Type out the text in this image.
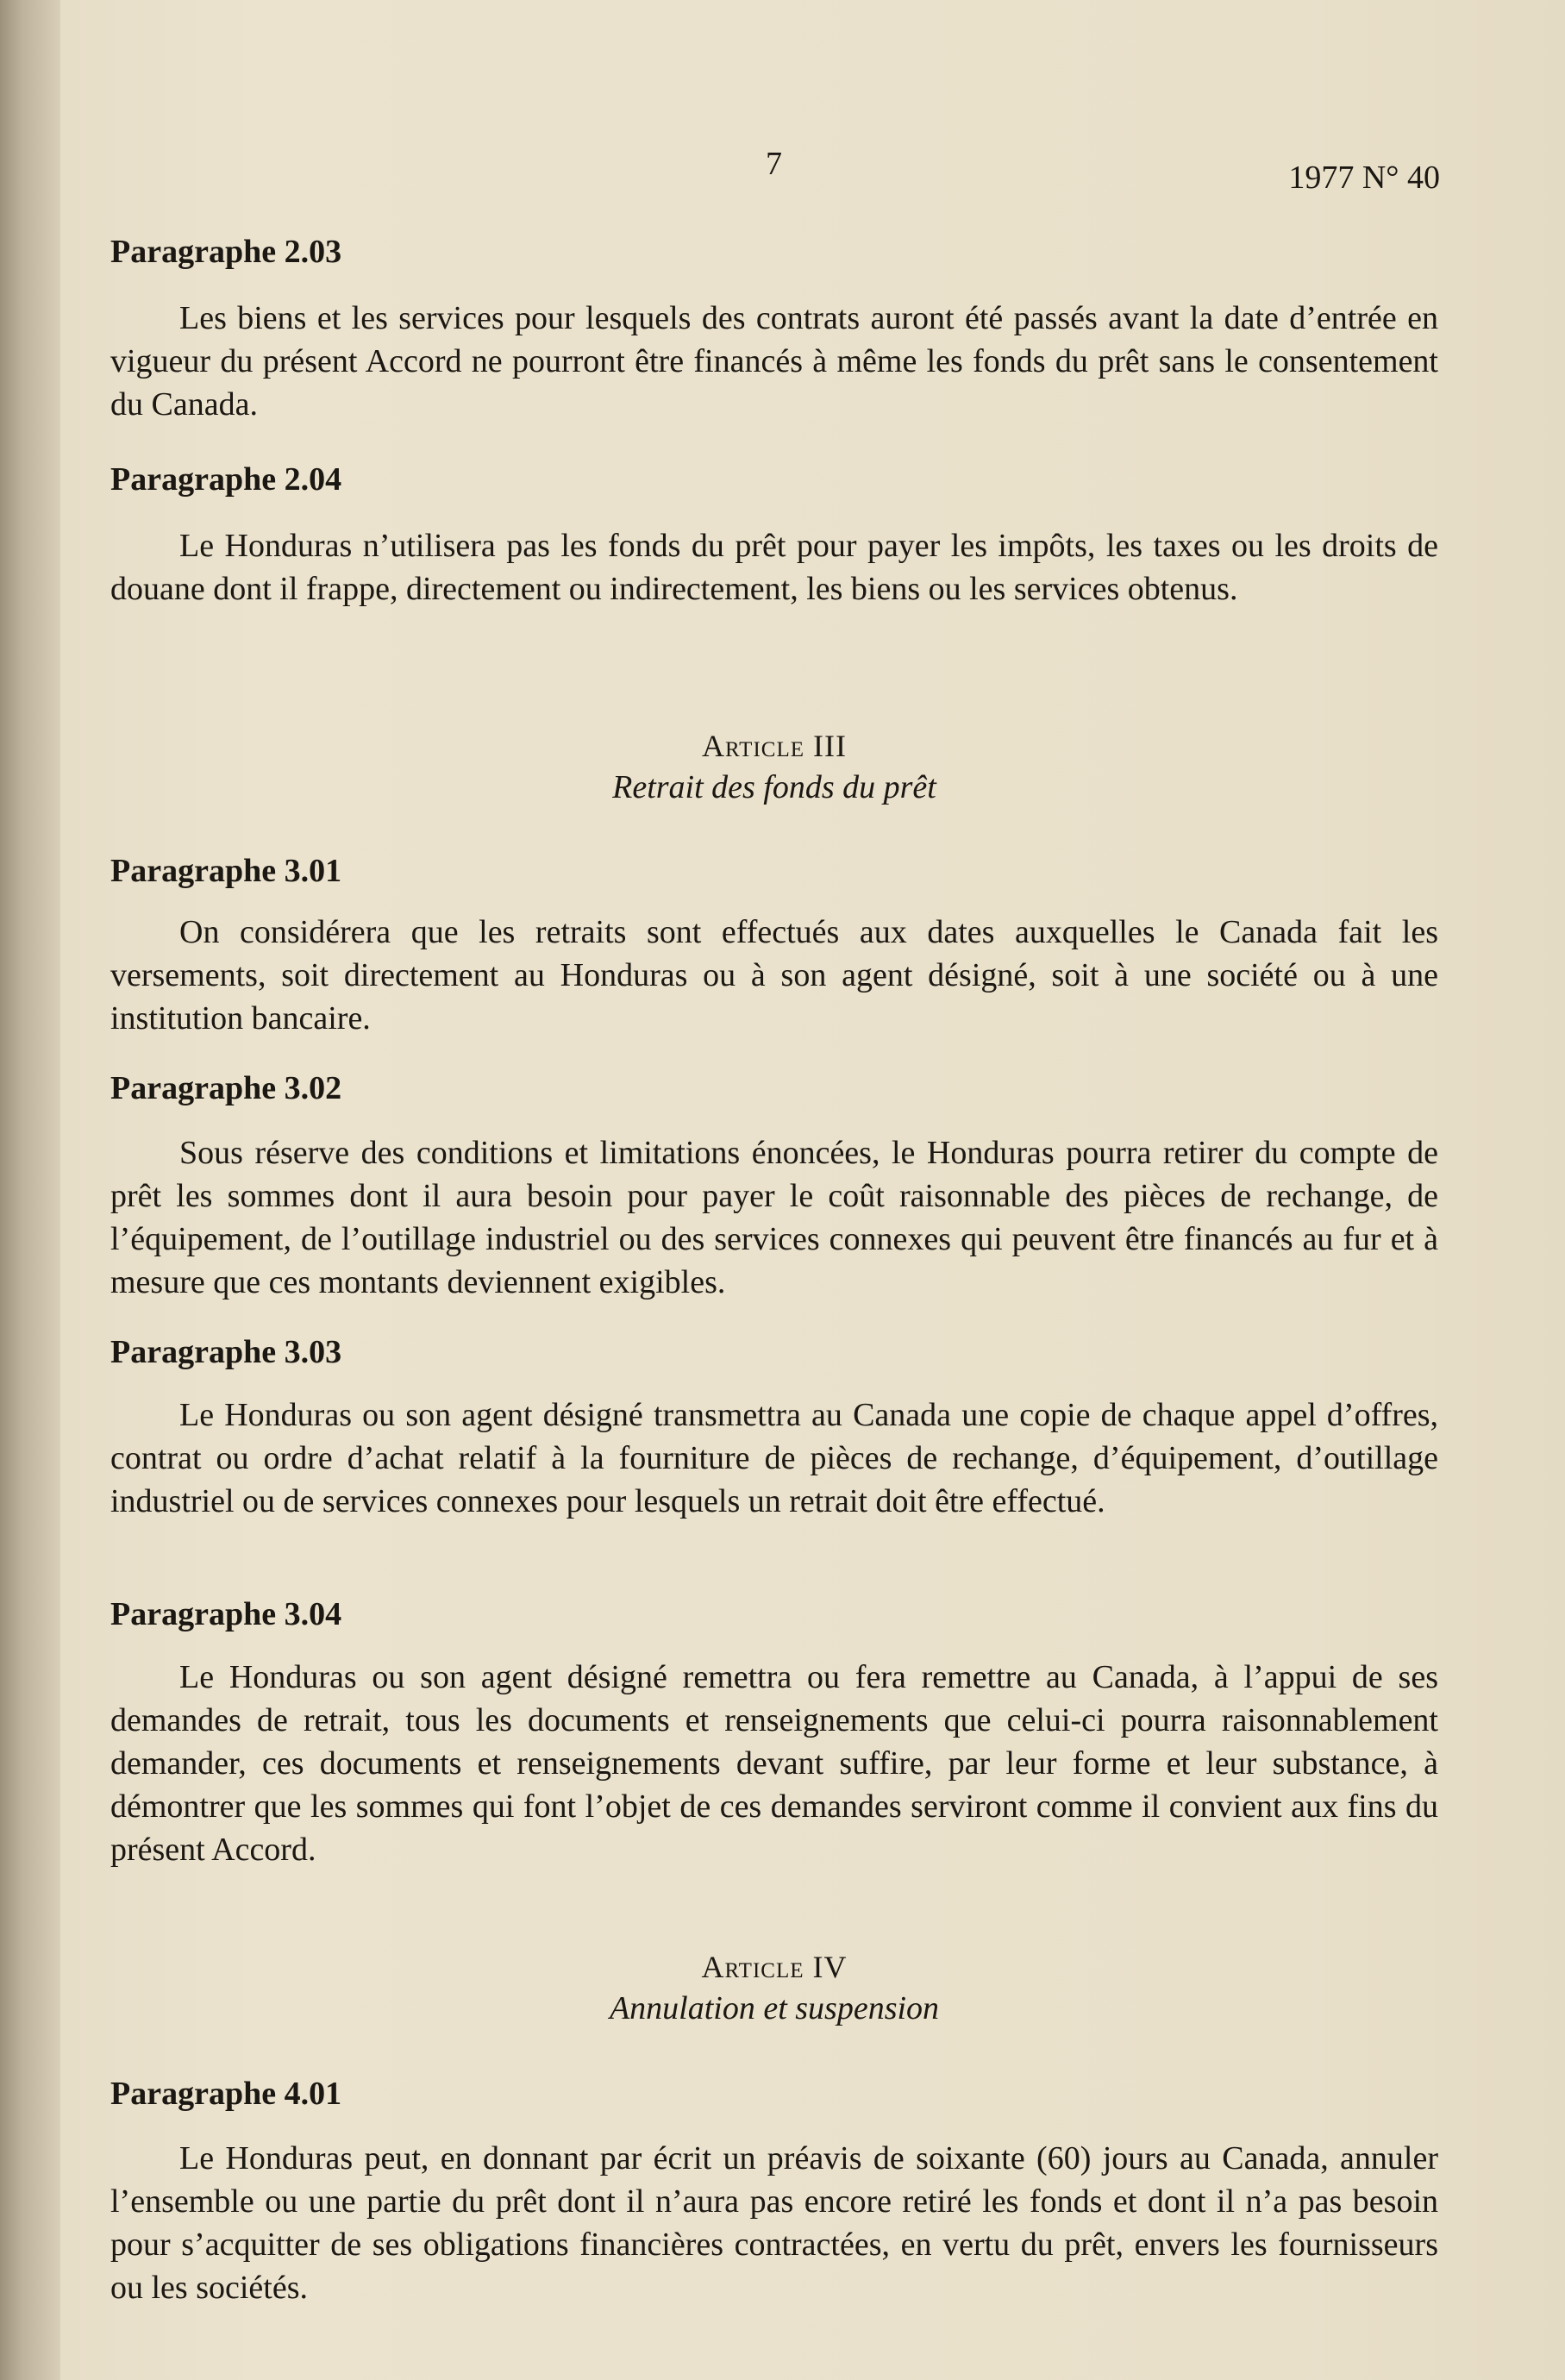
7	1977 N° 40

Paragraphe 2.03

Les biens et les services pour lesquels des contrats auront été passés avant la date d’entrée en vigueur du présent Accord ne pourront être financés à même les fonds du prêt sans le consentement du Canada.

Paragraphe 2.04

Le Honduras n’utilisera pas les fonds du prêt pour payer les impôts, les taxes ou les droits de douane dont il frappe, directement ou indirectement, les biens ou les services obtenus.

Article III

Retrait des fonds du prêt

Paragraphe 3.01

On considérera que les retraits sont effectués aux dates auxquelles le Canada fait les versements, soit directement au Honduras ou à son agent désigné, soit à une société ou à une institution bancaire.

Paragraphe 3.02

Sous réserve des conditions et limitations énoncées, le Honduras pourra retirer du compte de prêt les sommes dont il aura besoin pour payer le coût raisonnable des pièces de rechange, de l’équipement, de l’outillage industriel ou des services connexes qui peuvent être financés au fur et à mesure que ces montants deviennent exigibles.

Paragraphe 3.03

Le Honduras ou son agent désigné transmettra au Canada une copie de chaque appel d’offres, contrat ou ordre d’achat relatif à la fourniture de pièces de rechange, d’équipement, d’outillage industriel ou de services connexes pour lesquels un retrait doit être effectué.

Paragraphe 3.04

Le Honduras ou son agent désigné remettra ou fera remettre au Canada, à l’appui de ses demandes de retrait, tous les documents et renseignements que celui-ci pourra raisonnablement demander, ces documents et renseignements devant suffire, par leur forme et leur substance, à démontrer que les sommes qui font l’objet de ces demandes serviront comme il convient aux fins du présent Accord.

Article IV

Annulation et suspension

Paragraphe 4.01

Le Honduras peut, en donnant par écrit un préavis de soixante (60) jours au Canada, annuler l’ensemble ou une partie du prêt dont il n’aura pas encore retiré les fonds et dont il n’a pas besoin pour s’acquitter de ses obligations financières contractées, en vertu du prêt, envers les fournisseurs ou les sociétés.
